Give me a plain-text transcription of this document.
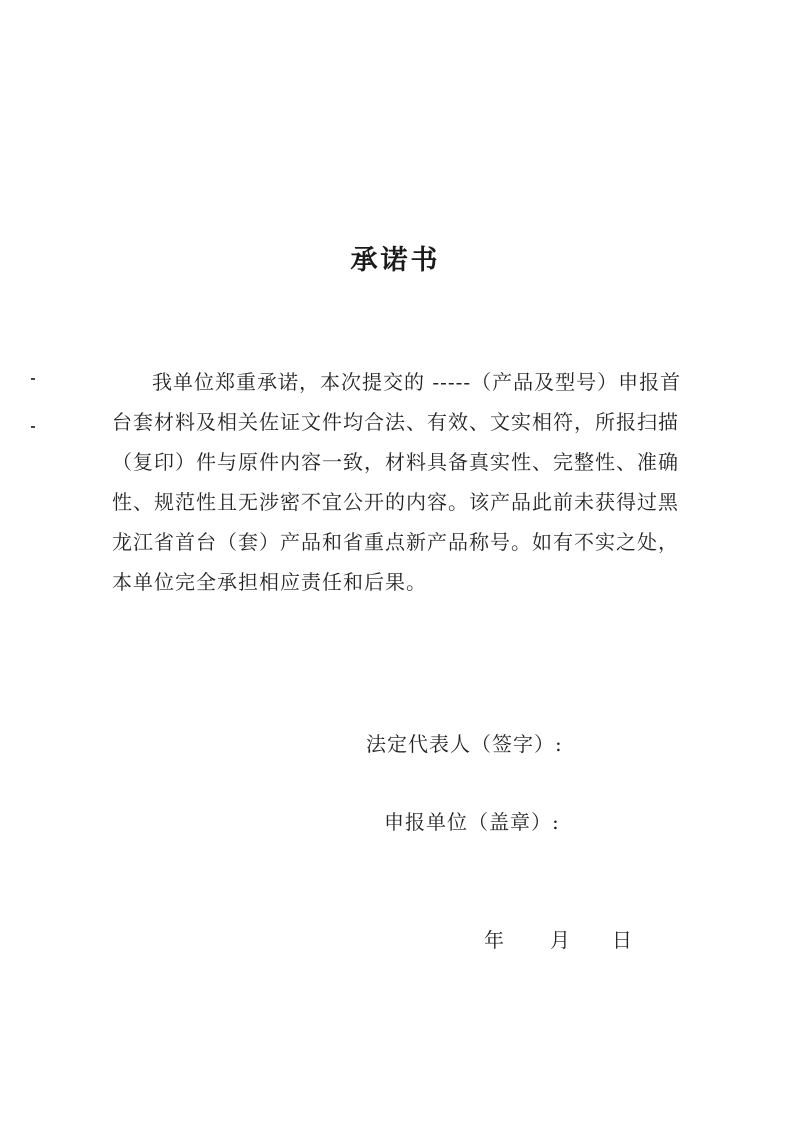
承诺书

我单位郑重承诺，本次提交的 -----（产品及型号）申报首台套材料及相关佐证文件均合法、有效、文实相符，所报扫描（复印）件与原件内容一致，材料具备真实性、完整性、准确性、规范性且无涉密不宜公开的内容。该产品此前未获得过黑龙江省首台（套）产品和省重点新产品称号。如有不实之处，本单位完全承担相应责任和后果。

法定代表人（签字）:
申报单位（盖章）:
年 月 日
